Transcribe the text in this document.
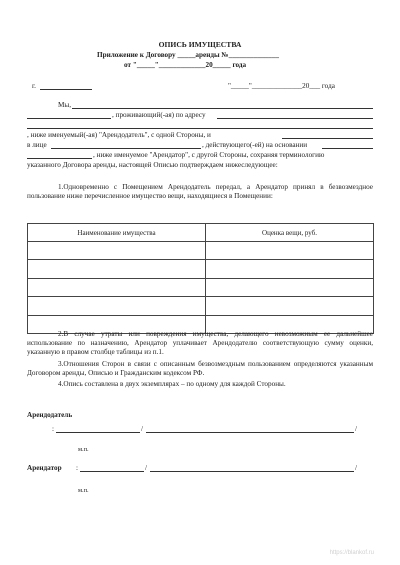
ОПИСЬ ИМУЩЕСТВА
Приложение к Договору _____аренды №______________
от "_____"_____________20_____ года
г.	"_____"______________20___ года
Мы,
, проживающий(-ая) по адресу
, ниже именуемый(-ая) "Арендодатель", с одной Стороны, и
в лице	, действующего(-ей) на основании
, ниже именуемое "Арендатор", с другой Стороны, сохраняя терминологию
указанного Договора аренды, настоящей Описью подтверждаем нижеследующее:
1.Одновременно с Помещением Арендодатель передал, а Арендатор принял в безвозмездное пользование ниже перечисленное имущество вещи, находящиеся в Помещении:
Наименование имущества	Оценка вещи, руб.

2.В случае утраты или повреждения имущества, делающего невозможным ее дальнейшее использование по назначению, Арендатор уплачивает Арендодателю соответствующую сумму оценки, указанную в правом столбце таблицы из п.1.
3.Отношения Сторон в связи с описанным безвозмездным пользованием определяются указанным Договором аренды, Описью и Гражданским кодексом РФ.
4.Опись составлена в двух экземплярах – по одному для каждой Стороны.
Арендодатель
:	/	/
м.п.
Арендатор :	/	/
м.п.
https://blankof.ru
